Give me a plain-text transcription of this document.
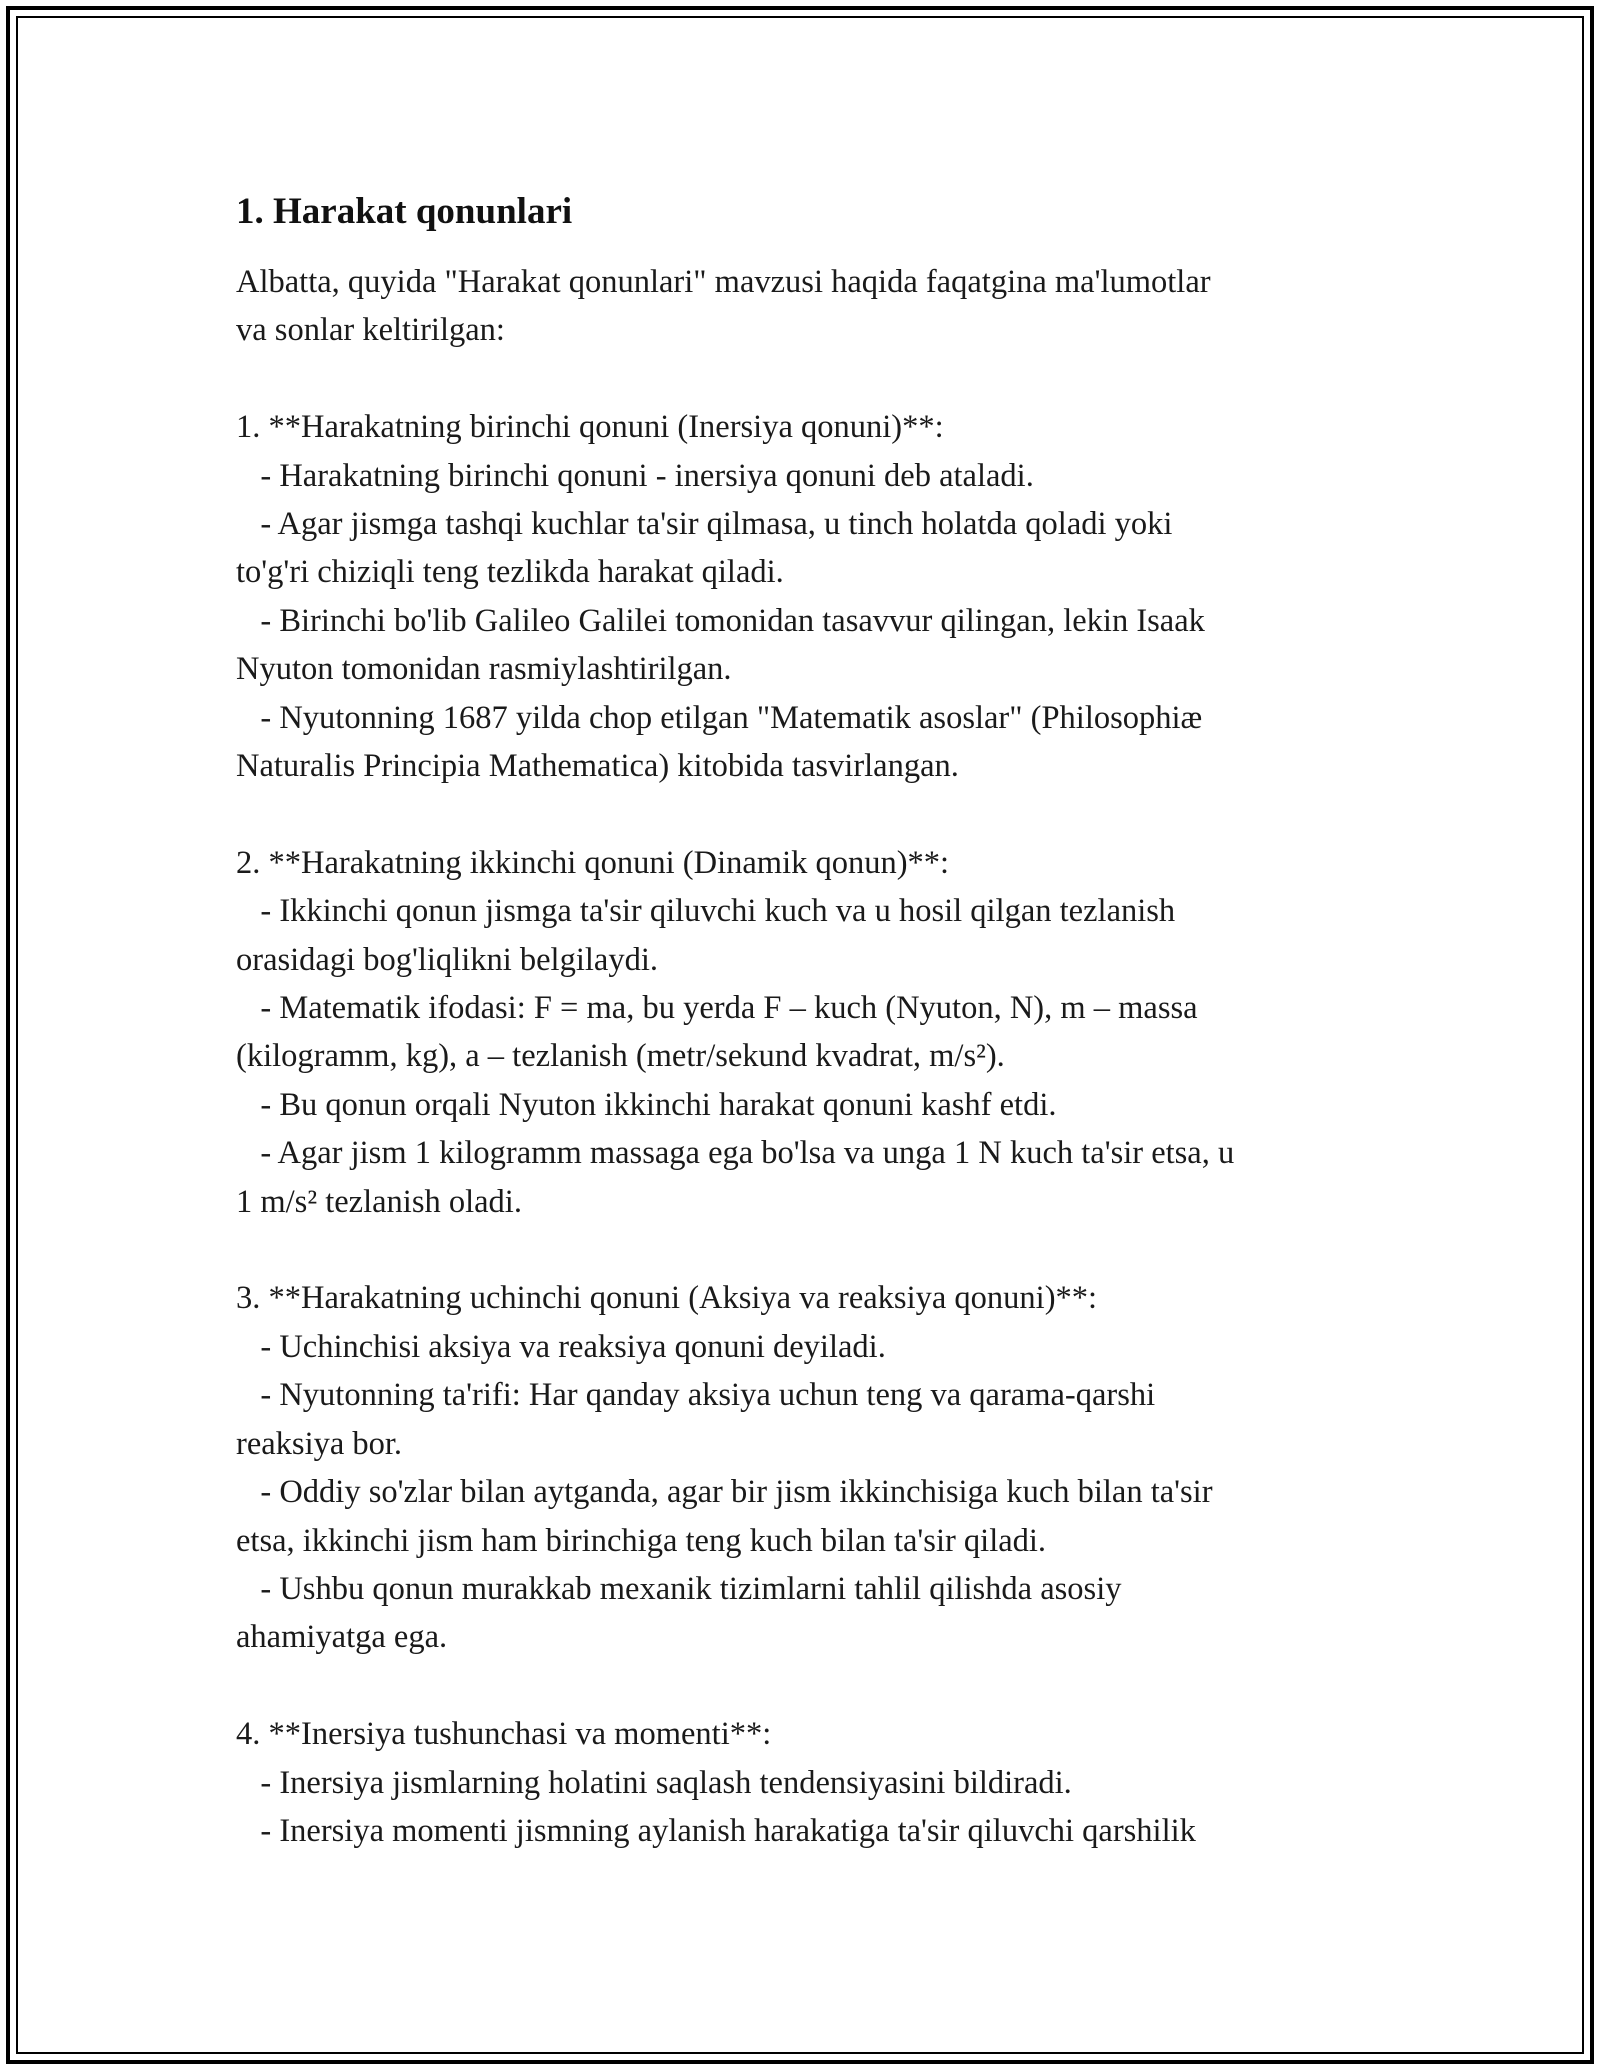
1. Harakat qonunlari
Albatta, quyida "Harakat qonunlari" mavzusi haqida faqatgina ma'lumotlar
va sonlar keltirilgan:
1. **Harakatning birinchi qonuni (Inersiya qonuni)**:
- Harakatning birinchi qonuni - inersiya qonuni deb ataladi.
- Agar jismga tashqi kuchlar ta'sir qilmasa, u tinch holatda qoladi yoki
to'g'ri chiziqli teng tezlikda harakat qiladi.
- Birinchi bo'lib Galileo Galilei tomonidan tasavvur qilingan, lekin Isaak
Nyuton tomonidan rasmiylashtirilgan.
- Nyutonning 1687 yilda chop etilgan "Matematik asoslar" (Philosophiæ
Naturalis Principia Mathematica) kitobida tasvirlangan.
2. **Harakatning ikkinchi qonuni (Dinamik qonun)**:
- Ikkinchi qonun jismga ta'sir qiluvchi kuch va u hosil qilgan tezlanish
orasidagi bog'liqlikni belgilaydi.
- Matematik ifodasi: F = ma, bu yerda F – kuch (Nyuton, N), m – massa
(kilogramm, kg), a – tezlanish (metr/sekund kvadrat, m/s²).
- Bu qonun orqali Nyuton ikkinchi harakat qonuni kashf etdi.
- Agar jism 1 kilogramm massaga ega bo'lsa va unga 1 N kuch ta'sir etsa, u
1 m/s² tezlanish oladi.
3. **Harakatning uchinchi qonuni (Aksiya va reaksiya qonuni)**:
- Uchinchisi aksiya va reaksiya qonuni deyiladi.
- Nyutonning ta'rifi: Har qanday aksiya uchun teng va qarama-qarshi
reaksiya bor.
- Oddiy so'zlar bilan aytganda, agar bir jism ikkinchisiga kuch bilan ta'sir
etsa, ikkinchi jism ham birinchiga teng kuch bilan ta'sir qiladi.
- Ushbu qonun murakkab mexanik tizimlarni tahlil qilishda asosiy
ahamiyatga ega.
4. **Inersiya tushunchasi va momenti**:
- Inersiya jismlarning holatini saqlash tendensiyasini bildiradi.
- Inersiya momenti jismning aylanish harakatiga ta'sir qiluvchi qarshilik
